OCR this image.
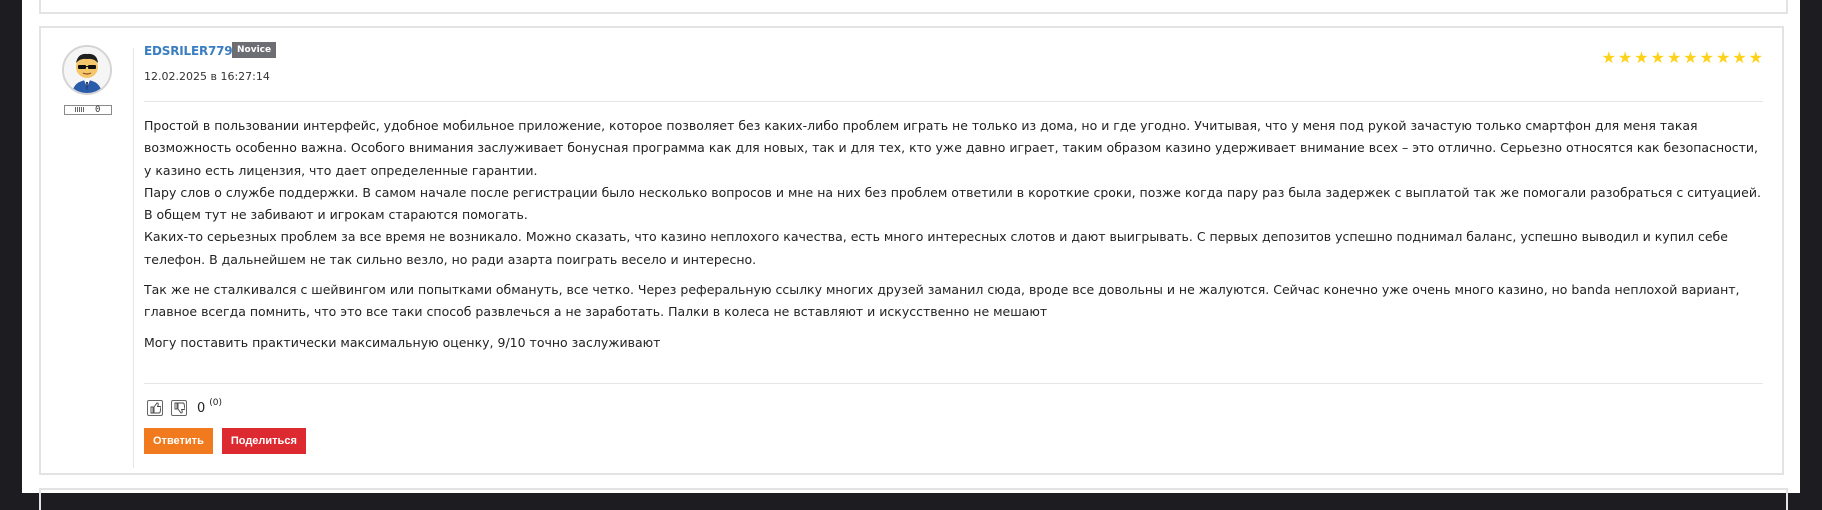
0
EDSRILER779 Novice
12.02.2025 в 16:27:14
★ ★ ★ ★ ★ ★ ★ ★ ★ ★

Простой в пользовании интерфейс, удобное мобильное приложение, которое позволяет без каких-либо проблем играть не только из дома, но и где угодно. Учитывая, что у меня под рукой зачастую только смартфон для меня такая возможность особенно важна. Особого внимания заслуживает бонусная программа как для новых, так и для тех, кто уже давно играет, таким образом казино удерживает внимание всех – это отлично. Серьезно относятся как безопасности, у казино есть лицензия, что дает определенные гарантии.
Пару слов о службе поддержки. В самом начале после регистрации было несколько вопросов и мне на них без проблем ответили в короткие сроки, позже когда пару раз была задержек с выплатой так же помогали разобраться с ситуацией. В общем тут не забивают и игрокам стараются помогать.
Каких-то серьезных проблем за все время не возникало. Можно сказать, что казино неплохого качества, есть много интересных слотов и дают выигрывать. С первых депозитов успешно поднимал баланс, успешно выводил и купил себе телефон. В дальнейшем не так сильно везло, но ради азарта поиграть весело и интересно.

Так же не сталкивался с шейвингом или попытками обмануть, все четко. Через реферальную ссылку многих друзей заманил сюда, вроде все довольны и не жалуются. Сейчас конечно уже очень много казино, но banda неплохой вариант, главное всегда помнить, что это все таки способ развлечься а не заработать. Палки в колеса не вставляют и искусственно не мешают

Могу поставить практически максимальную оценку, 9/10 точно заслуживают

0 (0)
Ответить	Поделиться
